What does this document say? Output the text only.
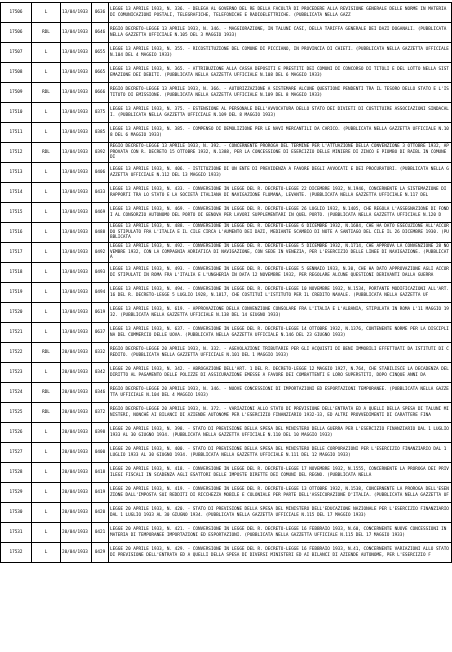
17506	L	13/04/1933	0636	LEGGE 13 APRILE 1933, N. 336. - DELEGA AL GOVERNO DEL RE DELLA FACOLTÀ DI PROCEDERE ALLA REVISIONE GENERALE DELLE NORME IN MATERIA DI COMUNICAZIONI POSTALI, TELEGRAFICHE, TELEFONICHE E RADIOELETTRICHE. (PUBBLICATA NELLA GAZZ
17506	RDL	13/04/1933	0646	REGIO DECRETO-LEGGE 13 APRILE 1933, N. 346. - MAGGIORAZIONE, IN TALUNI CASI, DELLA TARIFFA GENERALE DEI DAZI DOGANALI. (PUBBLICATA NELLA GAZZETTA UFFICIALE N.105 DEL 3 MAGGIO 1933)
17507	L	13/04/1933	0655	LEGGE 13 APRILE 1933, N. 355. - RICOSTITUZIONE DEL COMUNE DI PICCIANO, IN PROVINCIA DI CHIETI. (PUBBLICATA NELLA GAZZETTA UFFICIALE N.104 DEL 4 MAGGIO 1933)
17508	L	13/04/1933	0665	LEGGE 13 APRILE 1933, N. 365. - ATTRIBUZIONE ALLA CASSA DEPOSITI E PRESTITI DEI COMUNI DI CONCORSO DI TITOLI E DEL LOTTO NELLA SISTEMAZIONE DEI DEBITI. (PUBBLICATA NELLA GAZZETTA UFFICIALE N.108 DEL 6 MAGGIO 1933)
17509	RDL	13/04/1933	0666	REGIO DECRETO-LEGGE 13 APRILE 1933, N. 366. - AUTORIZZAZIONE A SISTEMARE ALCUNE QUESTIONI PENDENTI TRA IL TESORO DELLO STATO E L'ISTITUTO DI EMISSIONE. (PUBBLICATA NELLA GAZZETTA UFFICIALE N.109 DEL 8 MAGGIO 1933)
17510	L	13/04/1933	0375	LEGGE 13 APRILE 1933, N. 375. - ESTENSIONE AL PERSONALE DELL'AVVOCATURA DELLO STATO DEI DIVIETI DI COSTITUIRE ASSOCIAZIONI SINDACALI. (PUBBLICATA NELLA GAZZETTA UFFICIALE N.109 DEL 8 MAGGIO 1933)
17511	L	13/04/1933	0385	LEGGE 13 APRILE 1933, N. 385. - COMPENSO DI DEMOLIZIONE PER LE NAVI MERCANTILI DA CARICO. (PUBBLICATA NELLA GAZZETTA UFFICIALE N.108 DEL 6 MAGGIO 1933)
17512	RDL	13/04/1933	0392	REGIO DECRETO-LEGGE 13 APRILE 1933, N. 392. - CONCERNENTE PROROGA DEL TERMINE PER L'ATTUAZIONE DELLA CONVENZIONE 3 OTTOBRE 1932, APPROVATA CON R. DECRETO 15 OTTOBRE 1932, N.1388, PER LA CONCESSIONE DI ESERCIZIO DELLE MINIERE DI ZINCO E PIOMBO DI RAIBL IN COMUNE DI
17513	L	13/04/1933	0406	LEGGE 13 APRILE 1933, N. 406. - ISTITUZIONE DI UN ENTE DI PREVIDENZA A FAVORE DEGLI AVVOCATI E DEI PROCURATORI. (PUBBLICATA NELLA GAZZETTA UFFICIALE N.112 DEL 13 MAGGIO 1933)
17514	L	13/04/1933	0433	LEGGE 13 APRILE 1933, N. 433. - CONVERSIONE IN LEGGE DEL R. DECRETO-LEGGE 22 DICEMBRE 1932, N.1946, CONCERNENTE LA SISTEMAZIONE DI RAPPORTI TRA LO STATO E LA SOCIETÀ ITALIANA DI NAVIGAZIONE FLUMANA, LEVANTE. (PUBBLICATA NELLA GAZZETTA UFFICIALE N.117 DEL
17515	L	13/04/1933	0469	LEGGE 13 APRILE 1933, N. 469. - CONVERSIONE IN LEGGE DEL R. DECRETO-LEGGE 26 LUGLIO 1932, N.1405, CHE REGOLA L'ASSEGNAZIONE DI FONDI AL CONSORZIO AUTONOMO DEL PORTO DI GENOVA PER LAVORI SUPPLEMENTARI IN QUEL PORTO. (PUBBLICATA NELLA GAZZETTA UFFICIALE N.120 D
17516	L	13/04/1933	0488	LEGGE 13 APRILE 1933, N. 488. - CONVERSIONE IN LEGGE DEL R. DECRETO-LEGGE 6 DICEMBRE 1932, N.1684, CHE HA DATO ESECUZIONE ALL'ACCORDO STIPULATO FRA L'ITALIA E IL CILE CIRCA L'AUMENTO DEI DAZI, MEDIANTE SCAMBIO DI NOTE A SANTIAGO DEL CILE IL 26 DICEMBRE 1930. (PUBBLICATA
17517	L	13/04/1933	0492	LEGGE 13 APRILE 1933, N. 492. - CONVERSIONE IN LEGGE DEL R. DECRETO-LEGGE 5 DICEMBRE 1932, N.1714, CHE APPROVA LA CONVENZIONE 28 NOVEMBRE 1932, CON LA COMPAGNIA ADRIATICA DI NAVIGAZIONE, CON SEDE IN VENEZIA, PER L'ESERCIZIO DELLE LINEE DI NAVIGAZIONE. (PUBBLICATA
17518	L	13/04/1933	0493	LEGGE 13 APRILE 1933, N. 493. - CONVERSIONE IN LEGGE DEL R. DECRETO-LEGGE 5 GENNAIO 1933, N.30, CHE HA DATO APPROVAZIONE AGLI ACCORDI STIPULATI IN ROMA FRA L'ITALIA E L'UNGHERIA IN DATA 12 NOVEMBRE 1932, PER REGOLARE ALCUNE QUESTIONI DERIVANTI DALLA GUERRA
17519	L	13/04/1933	0494	LEGGE 13 APRILE 1933, N. 494. - CONVERSIONE IN LEGGE DEL R. DECRETO-LEGGE 10 NOVEMBRE 1932, N.1534, PORTANTE MODIFICAZIONI ALL'ART. 16 DEL R. DECRETO-LEGGE 5 LUGLIO 1928, N.1817, CHE COSTITUÌ L'ISTITUTO PER IL CREDITO NAVALE. (PUBBLICATA NELLA GAZZETTA UF
17520	L	13/04/1933	0619	LEGGE 13 APRILE 1933, N. 619. - APPROVAZIONE DELLA CONVENZIONE CONSOLARE FRA L'ITALIA E L'ALBANIA, STIPULATA IN ROMA L'11 MAGGIO 1932. (PUBBLICATA NELLA GAZZETTA UFFICIALE N.138 DEL 14 GIUGNO 1933)
17521	L	13/04/1933	0637	LEGGE 13 APRILE 1933, N. 637. - CONVERSIONE IN LEGGE DEL R. DECRETO-LEGGE 14 OTTOBRE 1932, N.1376, CONTENENTE NORME PER LA DISCIPLINA DEL COMMERCIO DELLE UOVA. (PUBBLICATA NELLA GAZZETTA UFFICIALE N.146 DEL 23 GIUGNO 1933)
17522	RDL	20/04/1933	0332	REGIO DECRETO-LEGGE 20 APRILE 1933, N. 332. - AGEVOLAZIONI TRIBUTARIE PER GLI ACQUISTI DI BENI IMMOBILI EFFETTUATI DA ISTITUTI DI CREDITO. (PUBBLICATA NELLA GAZZETTA UFFICIALE N.101 DEL 1 MAGGIO 1933)
17523	L	20/04/1933	0342	LEGGE 20 APRILE 1933, N. 342. - ABROGAZIONE DELL'ART. 1 DEL R. DECRETO-LEGGE 12 MAGGIO 1927, N.764, CHE STABILISCE LA DECADENZA DEL DIRITTO AL PAGAMENTO DELLE POLIZZE DI ASSICURAZIONE EMESSE A FAVORE DEI COMBATTENTI E LORO SUPERSTITI, DOPO CINQUE ANNI DA
17524	RDL	20/04/1933	0346	REGIO DECRETO-LEGGE 20 APRILE 1933, N. 346. - NUOVE CONCESSIONI DI IMPORTAZIONI ED ESPORTAZIONI TEMPORANEE. (PUBBLICATA NELLA GAZZETTA UFFICIALE N.104 DEL 4 MAGGIO 1933)
17525	RDL	20/04/1933	0372	REGIO DECRETO-LEGGE 20 APRILE 1933, N. 372. - VARIAZIONI ALLO STATO DI PREVISIONE DELL'ENTRATA ED A QUELLI DELLA SPESA DI TALUNI MINISTERI, NONCHÉ AI BILANCI DI AZIENDE AUTONOME PER L'ESERCIZIO FINANZIARIO 1932-33, ED ALTRI PROVVEDIMENTI DI CARATTERE FINA
17526	L	20/04/1933	0398	LEGGE 20 APRILE 1933, N. 398. - STATO DI PREVISIONE DELLA SPESA DEL MINISTERO DELLA GUERRA PER L'ESERCIZIO FINANZIARIO DAL 1 LUGLIO 1933 AL 30 GIUGNO 1934. (PUBBLICATA NELLA GAZZETTA UFFICIALE N.110 DEL 10 MAGGIO 1933)
17527	L	20/04/1933	0400	LEGGE 20 APRILE 1933, N. 400. - STATO DI PREVISIONE DELLA SPESA DEL MINISTERO DELLE CORPORAZIONI PER L'ESERCIZIO FINANZIARIO DAL 1 LUGLIO 1933 AL 30 GIUGNO 1934. (PUBBLICATA NELLA GAZZETTA UFFICIALE N.111 DEL 12 MAGGIO 1933)
17528	L	20/04/1933	0418	LEGGE 20 APRILE 1933, N. 418. - CONVERSIONE IN LEGGE DEL R. DECRETO-LEGGE 17 NOVEMBRE 1932, N.1555, CONCERNENTE LA PROROGA DEI PRIVILEGI FISCALI IN SCADENZA AGLI ESATTORI DELLE IMPOSTE DIRETTE DEI COMUNI DEL REGNO. (PUBBLICATA NELLA
17529	L	20/04/1933	0419	LEGGE 20 APRILE 1933, N. 419. - CONVERSIONE IN LEGGE DEL R. DECRETO-LEGGE 13 OTTOBRE 1932, N.1538, CONCERNENTE LA PROROGA DELL'ESENZIONE DALL'IMPOSTA SUI REDDITI DI RICCHEZZA MOBILE E COLONIALE PER PARTE DELL'ASSICURAZIONE D'ITALIA. (PUBBLICATA NELLA GAZZETTA UF
17530	L	20/04/1933	0420	LEGGE 20 APRILE 1933, N. 420. - STATO DI PREVISIONE DELLA SPESA DEL MINISTERO DELL'EDUCAZIONE NAZIONALE PER L'ESERCIZIO FINANZIARIO DAL 1 LUGLIO 1933 AL 30 GIUGNO 1934. (PUBBLICATA NELLA GAZZETTA UFFICIALE N.115 DEL 17 MAGGIO 1933)
17531	L	20/04/1933	0421	LEGGE 20 APRILE 1933, N. 421. - CONVERSIONE IN LEGGE DEL R. DECRETO-LEGGE 16 FEBBRAIO 1933, N.60, CONCERNENTE NUOVE CONCESSIONI IN MATERIA DI TEMPORANEE IMPORTAZIONI ED ESPORTAZIONI. (PUBBLICATA NELLA GAZZETTA UFFICIALE N.115 DEL 17 MAGGIO 1933)
17532	L	20/04/1933	0429	LEGGE 20 APRILE 1933, N. 429. - CONVERSIONE IN LEGGE DEL R. DECRETO-LEGGE 16 FEBBRAIO 1933, N.41, CONCERNENTE VARIAZIONI ALLO STATO DI PREVISIONE DELL'ENTRATA ED A QUELLI DELLA SPESA DI DIVERSI MINISTERI ED AI BILANCI DI AZIENDE AUTONOME, PER L'ESERCIZIO F
